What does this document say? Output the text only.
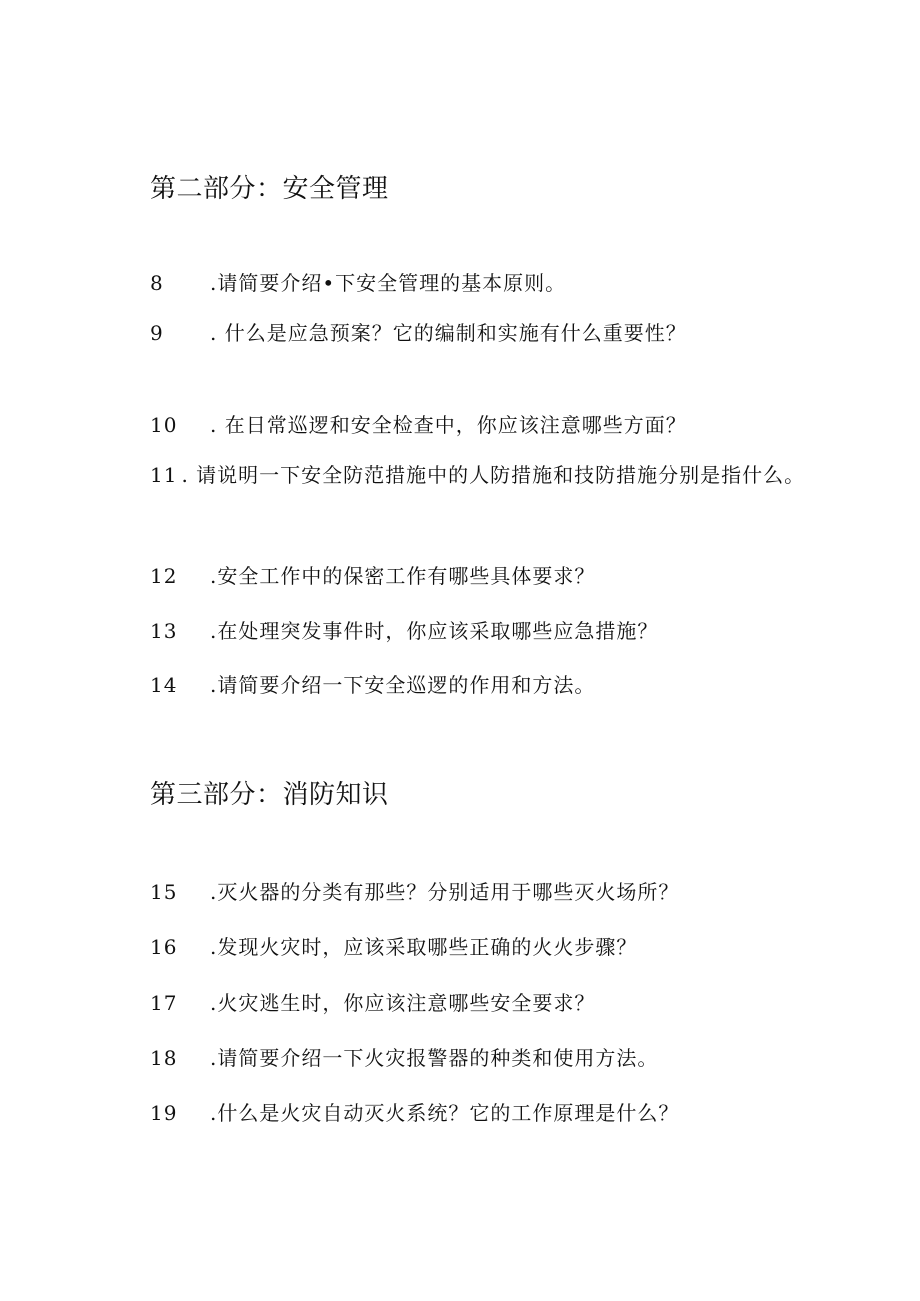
第二部分：安全管理
8 .请简要介绍•下安全管理的基本原则。
9 . 什么是应急预案？它的编制和实施有什么重要性？
10 . 在日常巡逻和安全检查中，你应该注意哪些方面？
11 . 请说明一下安全防范措施中的人防措施和技防措施分别是指什么。
12 .安全工作中的保密工作有哪些具体要求？
13 .在处理突发事件时，你应该采取哪些应急措施？
14 .请简要介绍一下安全巡逻的作用和方法。
第三部分：消防知识
15 .灭火器的分类有那些？分别适用于哪些灭火场所？
16 .发现火灾时，应该采取哪些正确的火火步骤？
17 .火灾逃生时，你应该注意哪些安全要求？
18 .请简要介绍一下火灾报警器的种类和使用方法。
19 .什么是火灾自动灭火系统？它的工作原理是什么？
